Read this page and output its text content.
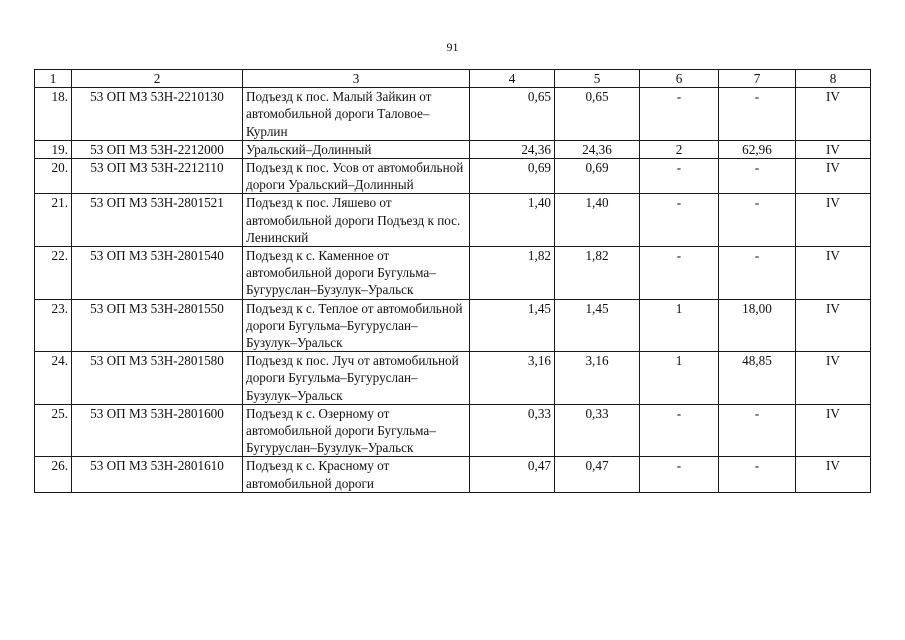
91
1	2	3	4	5	6	7	8
18.	53 ОП МЗ 53Н-2210130	Подъезд к пос. Малый Зайкин от автомобильной дороги Таловое–Курлин	0,65	0,65	-	-	IV
19.	53 ОП МЗ 53Н-2212000	Уральский–Долинный	24,36	24,36	2	62,96	IV
20.	53 ОП МЗ 53Н-2212110	Подъезд к пос. Усов от автомобильной дороги Уральский–Долинный	0,69	0,69	-	-	IV
21.	53 ОП МЗ 53Н-2801521	Подъезд к пос. Ляшево от автомобильной дороги Подъезд к пос. Ленинский	1,40	1,40	-	-	IV
22.	53 ОП МЗ 53Н-2801540	Подъезд к с. Каменное от автомобильной дороги Бугульма–Бугуруслан–Бузулук–Уральск	1,82	1,82	-	-	IV
23.	53 ОП МЗ 53Н-2801550	Подъезд к с. Теплое от автомобильной дороги Бугульма–Бугуруслан–Бузулук–Уральск	1,45	1,45	1	18,00	IV
24.	53 ОП МЗ 53Н-2801580	Подъезд к пос. Луч от автомобильной дороги Бугульма–Бугуруслан–Бузулук–Уральск	3,16	3,16	1	48,85	IV
25.	53 ОП МЗ 53Н-2801600	Подъезд к с. Озерному от автомобильной дороги Бугульма–Бугуруслан–Бузулук–Уральск	0,33	0,33	-	-	IV
26.	53 ОП МЗ 53Н-2801610	Подъезд к с. Красному от автомобильной дороги	0,47	0,47	-	-	IV
